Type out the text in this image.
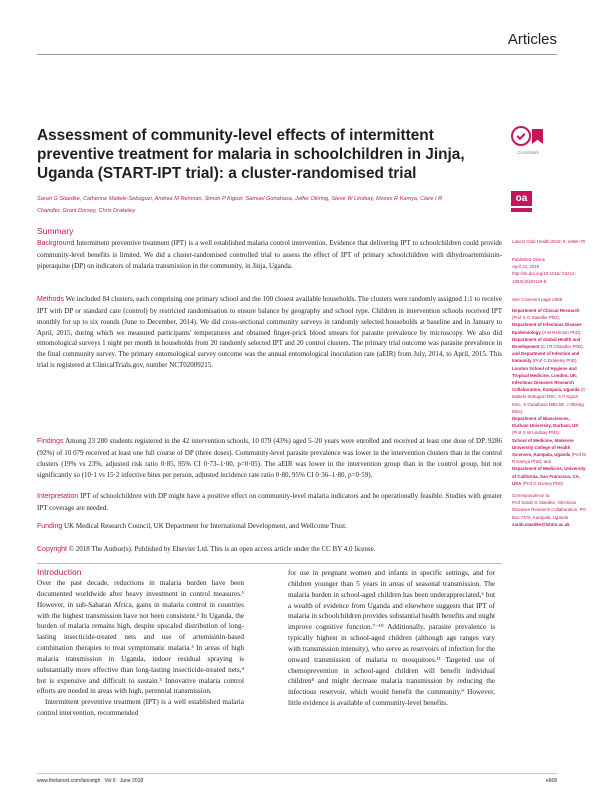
Articles
Assessment of community-level effects of intermittent preventive treatment for malaria in schoolchildren in Jinja, Uganda (START-IPT trial): a cluster-randomised trial
CrossMark
Sarah G Staedke, Catherine Maiteki-Sebuguzi, Andrea M Rehman, Simon P Kigozi, Samuel Gonahasa, Jaffer Okiring, Steve W Lindsay, Moses R Kamya, Clare I R Chandler, Grant Dorsey, Chris Drakeley
oa
Summary

Background Intermittent preventive treatment (IPT) is a well established malaria control intervention. Evidence that delivering IPT to schoolchildren could provide community-level benefits is limited. We did a cluster-randomised controlled trial to assess the effect of IPT of primary schoolchildren with dihydroartemisinin-piperaquine (DP) on indicators of malaria transmission in the community, in Jinja, Uganda.

Methods We included 84 clusters, each comprising one primary school and the 100 closest available households. The clusters were randomly assigned 1:1 to receive IPT with DP or standard care (control) by restricted randomisation to ensure balance by geography and school type. Children in intervention schools received IPT monthly for up to six rounds (June to December, 2014). We did cross-sectional community surveys in randomly selected households at baseline and in January to April, 2015, during which we measured participants' temperatures and obtained finger-prick blood smears for parasite prevalence by microscopy. We also did entomological surveys 1 night per month in households from 20 randomly selected IPT and 20 control clusters. The primary trial outcome was parasite prevalence in the final community survey. The primary entomological survey outcome was the annual entomological inoculation rate (aEIR) from July, 2014, to April, 2015. This trial is registered at ClinicalTrials.gov, number NCT02009215.

Findings Among 23 280 students registered in the 42 intervention schools, 10 079 (43%) aged 5–20 years were enrolled and received at least one dose of DP. 9286 (92%) of 10 079 received at least one full course of DP (three doses). Community-level parasite prevalence was lower in the intervention clusters than in the control clusters (19% vs 23%, adjusted risk ratio 0·85, 95% CI 0·73–1·00, p=0·05). The aEIR was lower in the intervention group than in the control group, but not significantly so (10·1 vs 15·2 infective bites per person, adjusted incidence rate ratio 0·80, 95% CI 0·36–1·80, p=0·59).

Interpretation IPT of schoolchildren with DP might have a positive effect on community-level malaria indicators and be operationally feasible. Studies with greater IPT coverage are needed.

Funding UK Medical Research Council, UK Department for International Development, and Wellcome Trust.

Copyright © 2018 The Author(s). Published by Elsevier Ltd. This is an open access article under the CC BY 4.0 license.

Lancet Glob Health 2018; 6: e668–79
Published Online
April 13, 2018
http://dx.doi.org/10.1016/ S2214-109X(18)30126-8
See Comment page e598
Department of Clinical Research (Prof S G Staedke PhD),
Department of Infectious Disease Epidemiology (A M Rehman PhD),
Department of Global Health and Development (C I R Chandler PhD),
and Department of Infection and Immunity (Prof C Drakeley PhD),
London School of Hygiene and Tropical Medicine, London, UK; Infectious Diseases Research Collaboration, Kampala, Uganda (C Maiteki-Sebuguzi MSc, S P Kigozi MSc, S Gonahasa MBChB, J Okiring MSc);
Department of Biosciences, Durham University, Durham, UK (Prof S W Lindsay PhD);
School of Medicine, Makerere University College of Health Sciences, Kampala, Uganda (Prof M R Kamya PhD); and
Department of Medicine, University of California, San Francisco, CA, USA (Prof G Dorsey PhD)
Correspondence to:
Prof Sarah G Staedke, Infectious Diseases Research Collaboration, PO Box 7475, Kampala, Uganda
sarah.staedke@lshtm.ac.uk
Introduction

Over the past decade, reductions in malaria burden have been documented worldwide after heavy investment in control measures.¹ However, in sub-Saharan Africa, gains in malaria control in countries with the highest transmission have not been consistent.² In Uganda, the burden of malaria remains high, despite upscaled distribution of long-lasting insecticide-treated nets and use of artemisinin-based combination therapies to treat symptomatic malaria.³ In areas of high malaria transmission in Uganda, indoor residual spraying is substantially more effective than long-lasting insecticide-treated nets,⁴ but is expensive and difficult to sustain.⁵ Innovative malaria control efforts are needed in areas with high, perennial transmission.

Intermittent preventive treatment (IPT) is a well established malaria control intervention, recommended

for use in pregnant women and infants in specific settings, and for children younger than 5 years in areas of seasonal transmission. The malaria burden in school-aged children has been underappreciated,⁶ but a wealth of evidence from Uganda and elsewhere suggests that IPT of malaria in schoolchildren provides substantial health benefits and might improve cognitive function.⁷⁻¹⁰ Additionally, parasite prevalence is typically highest in school-aged children (although age ranges vary with transmission intensity), who serve as reservoirs of infection for the onward transmission of malaria to mosquitoes.¹¹ Targeted use of chemoprevention in school-aged children will benefit individual children⁸ and might decrease malaria transmission by reducing the infectious reservoir, which would benefit the community.⁹ However, little evidence is available of community-level benefits.

www.thelancet.com/lancetgh   Vol 6   June 2018	e668
